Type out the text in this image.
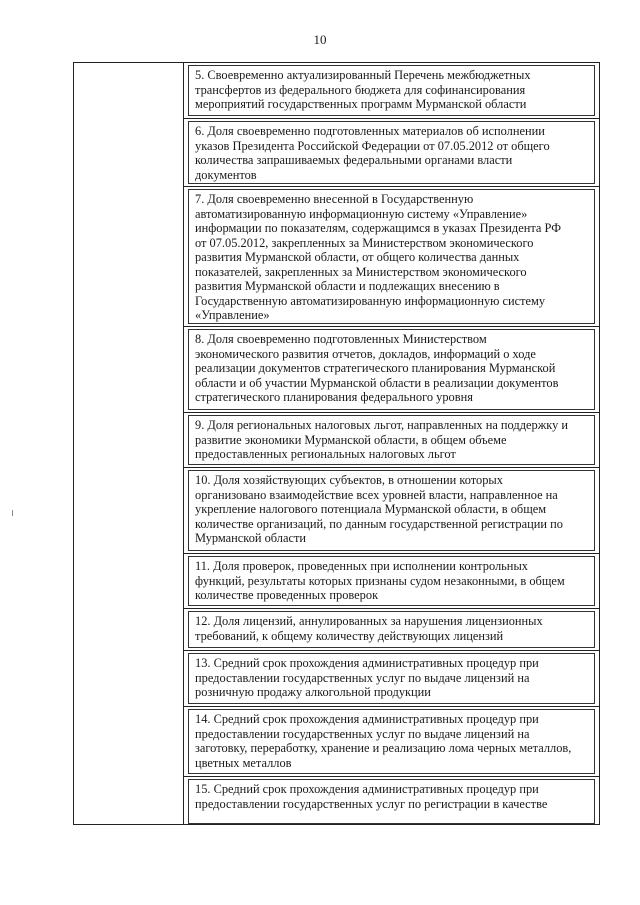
10
5. Своевременно актуализированный Перечень межбюджетных
трансфертов из федерального бюджета для софинансирования
мероприятий государственных программ Мурманской области
6. Доля своевременно подготовленных материалов об исполнении
указов Президента Российской Федерации от 07.05.2012 от общего
количества запрашиваемых федеральными органами власти
документов
7. Доля своевременно внесенной в Государственную
автоматизированную информационную систему «Управление»
информации по показателям, содержащимся в указах Президента РФ
от 07.05.2012, закрепленных за Министерством экономического
развития Мурманской области, от общего количества данных
показателей, закрепленных за Министерством экономического
развития Мурманской области и подлежащих внесению в
Государственную автоматизированную информационную систему
«Управление»
8. Доля своевременно подготовленных Министерством
экономического развития отчетов, докладов, информаций о ходе
реализации документов стратегического планирования Мурманской
области и об участии Мурманской области в реализации документов
стратегического планирования федерального уровня
9. Доля региональных налоговых льгот, направленных на поддержку и
развитие экономики Мурманской области, в общем объеме
предоставленных региональных налоговых льгот
10. Доля хозяйствующих субъектов, в отношении которых
организовано взаимодействие всех уровней власти, направленное на
укрепление налогового потенциала Мурманской области, в общем
количестве организаций, по данным государственной регистрации по
Мурманской области
11. Доля проверок, проведенных при исполнении контрольных
функций, результаты которых признаны судом незаконными, в общем
количестве проведенных проверок
12. Доля лицензий, аннулированных за нарушения лицензионных
требований, к общему количеству действующих лицензий
13. Средний срок прохождения административных процедур при
предоставлении государственных услуг по выдаче лицензий на
розничную продажу алкогольной продукции
14. Средний срок прохождения административных процедур при
предоставлении государственных услуг по выдаче лицензий на
заготовку, переработку, хранение и реализацию лома черных металлов,
цветных металлов
15. Средний срок прохождения административных процедур при
предоставлении государственных услуг по регистрации в качестве
